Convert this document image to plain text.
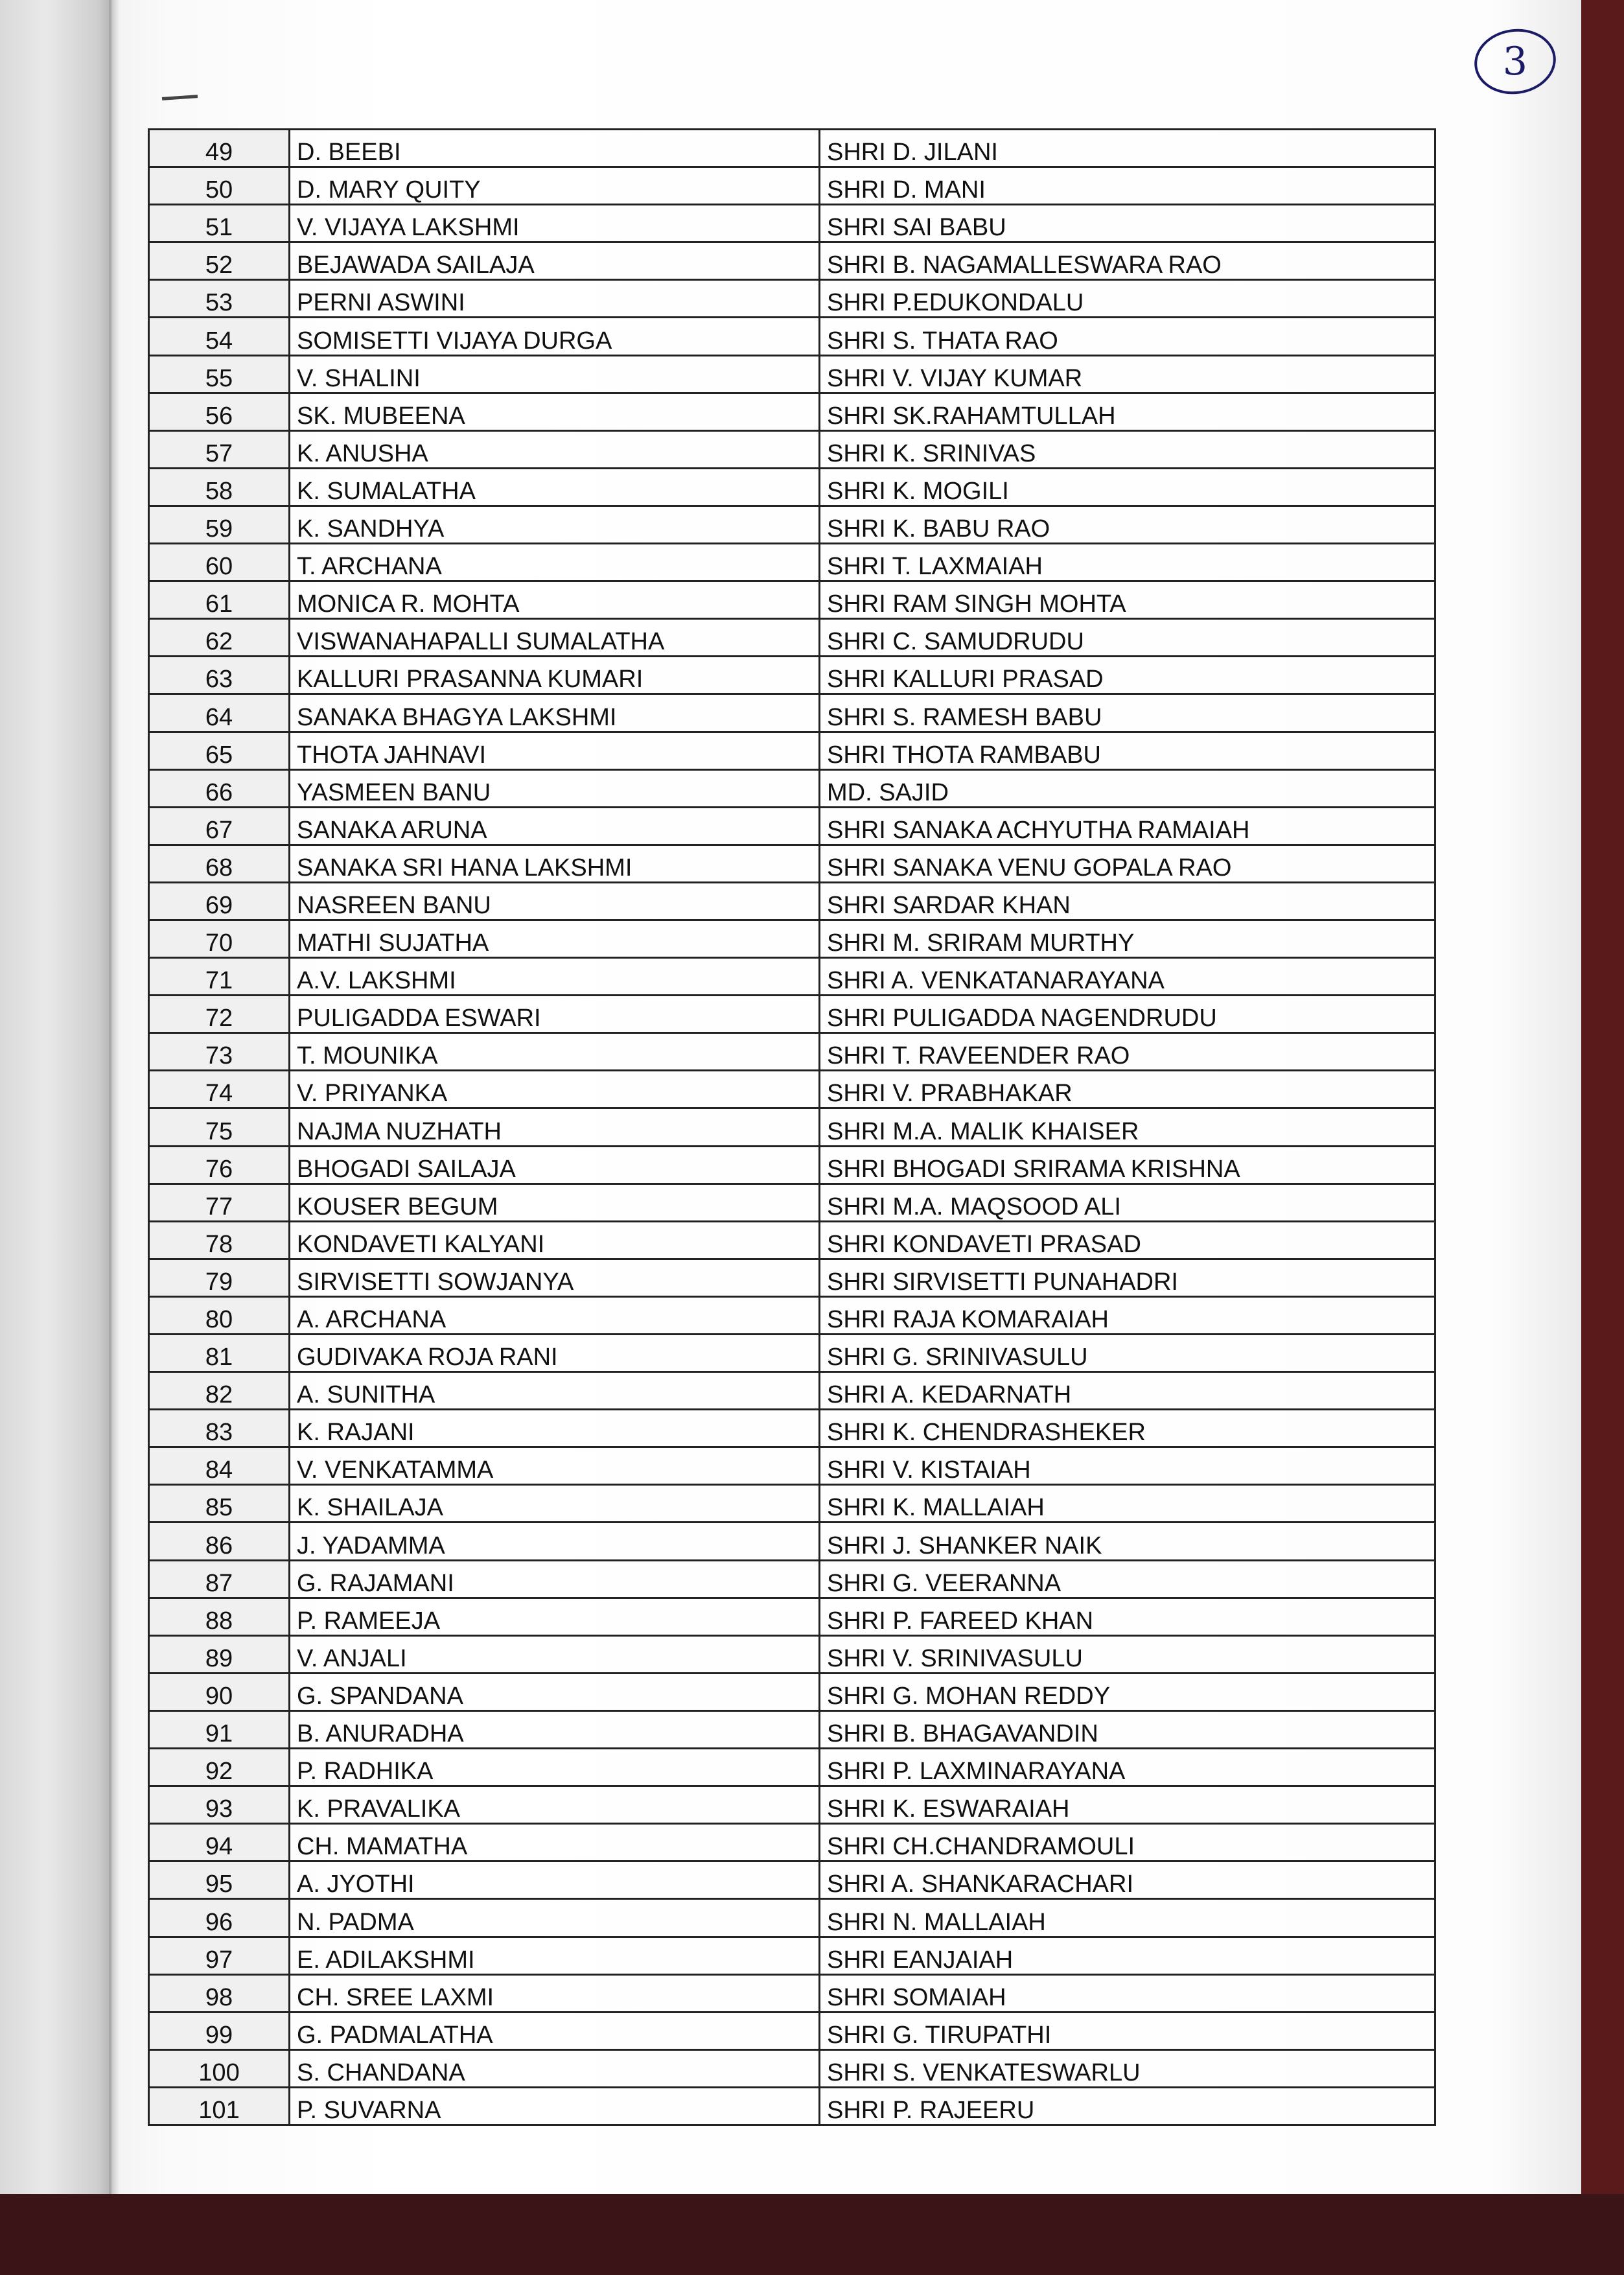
3
49	D. BEEBI	SHRI D. JILANI
50	D. MARY QUITY	SHRI D. MANI
51	V. VIJAYA LAKSHMI	SHRI SAI BABU
52	BEJAWADA SAILAJA	SHRI B. NAGAMALLESWARA RAO
53	PERNI ASWINI	SHRI P.EDUKONDALU
54	SOMISETTI VIJAYA DURGA	SHRI S. THATA RAO
55	V. SHALINI	SHRI V. VIJAY KUMAR
56	SK. MUBEENA	SHRI SK.RAHAMTULLAH
57	K. ANUSHA	SHRI K. SRINIVAS
58	K. SUMALATHA	SHRI K. MOGILI
59	K. SANDHYA	SHRI K. BABU RAO
60	T. ARCHANA	SHRI T. LAXMAIAH
61	MONICA R. MOHTA	SHRI RAM SINGH MOHTA
62	VISWANAHAPALLI SUMALATHA	SHRI C. SAMUDRUDU
63	KALLURI PRASANNA KUMARI	SHRI KALLURI PRASAD
64	SANAKA BHAGYA LAKSHMI	SHRI S. RAMESH BABU
65	THOTA JAHNAVI	SHRI THOTA RAMBABU
66	YASMEEN BANU	MD. SAJID
67	SANAKA ARUNA	SHRI SANAKA ACHYUTHA RAMAIAH
68	SANAKA SRI HANA LAKSHMI	SHRI SANAKA VENU GOPALA RAO
69	NASREEN BANU	SHRI SARDAR KHAN
70	MATHI SUJATHA	SHRI M. SRIRAM MURTHY
71	A.V. LAKSHMI	SHRI A. VENKATANARAYANA
72	PULIGADDA ESWARI	SHRI PULIGADDA NAGENDRUDU
73	T. MOUNIKA	SHRI T. RAVEENDER RAO
74	V. PRIYANKA	SHRI V. PRABHAKAR
75	NAJMA NUZHATH	SHRI M.A. MALIK KHAISER
76	BHOGADI SAILAJA	SHRI BHOGADI SRIRAMA KRISHNA
77	KOUSER BEGUM	SHRI M.A. MAQSOOD ALI
78	KONDAVETI KALYANI	SHRI KONDAVETI PRASAD
79	SIRVISETTI SOWJANYA	SHRI SIRVISETTI PUNAHADRI
80	A. ARCHANA	SHRI RAJA KOMARAIAH
81	GUDIVAKA ROJA RANI	SHRI G. SRINIVASULU
82	A. SUNITHA	SHRI A. KEDARNATH
83	K. RAJANI	SHRI K. CHENDRASHEKER
84	V. VENKATAMMA	SHRI V. KISTAIAH
85	K. SHAILAJA	SHRI K. MALLAIAH
86	J. YADAMMA	SHRI J. SHANKER NAIK
87	G. RAJAMANI	SHRI G. VEERANNA
88	P. RAMEEJA	SHRI P. FAREED KHAN
89	V. ANJALI	SHRI V. SRINIVASULU
90	G. SPANDANA	SHRI G. MOHAN REDDY
91	B. ANURADHA	SHRI B. BHAGAVANDIN
92	P. RADHIKA	SHRI P. LAXMINARAYANA
93	K. PRAVALIKA	SHRI K. ESWARAIAH
94	CH. MAMATHA	SHRI CH.CHANDRAMOULI
95	A. JYOTHI	SHRI A. SHANKARACHARI
96	N. PADMA	SHRI N. MALLAIAH
97	E. ADILAKSHMI	SHRI EANJAIAH
98	CH. SREE LAXMI	SHRI SOMAIAH
99	G. PADMALATHA	SHRI G. TIRUPATHI
100	S. CHANDANA	SHRI S. VENKATESWARLU
101	P. SUVARNA	SHRI P. RAJEERU
